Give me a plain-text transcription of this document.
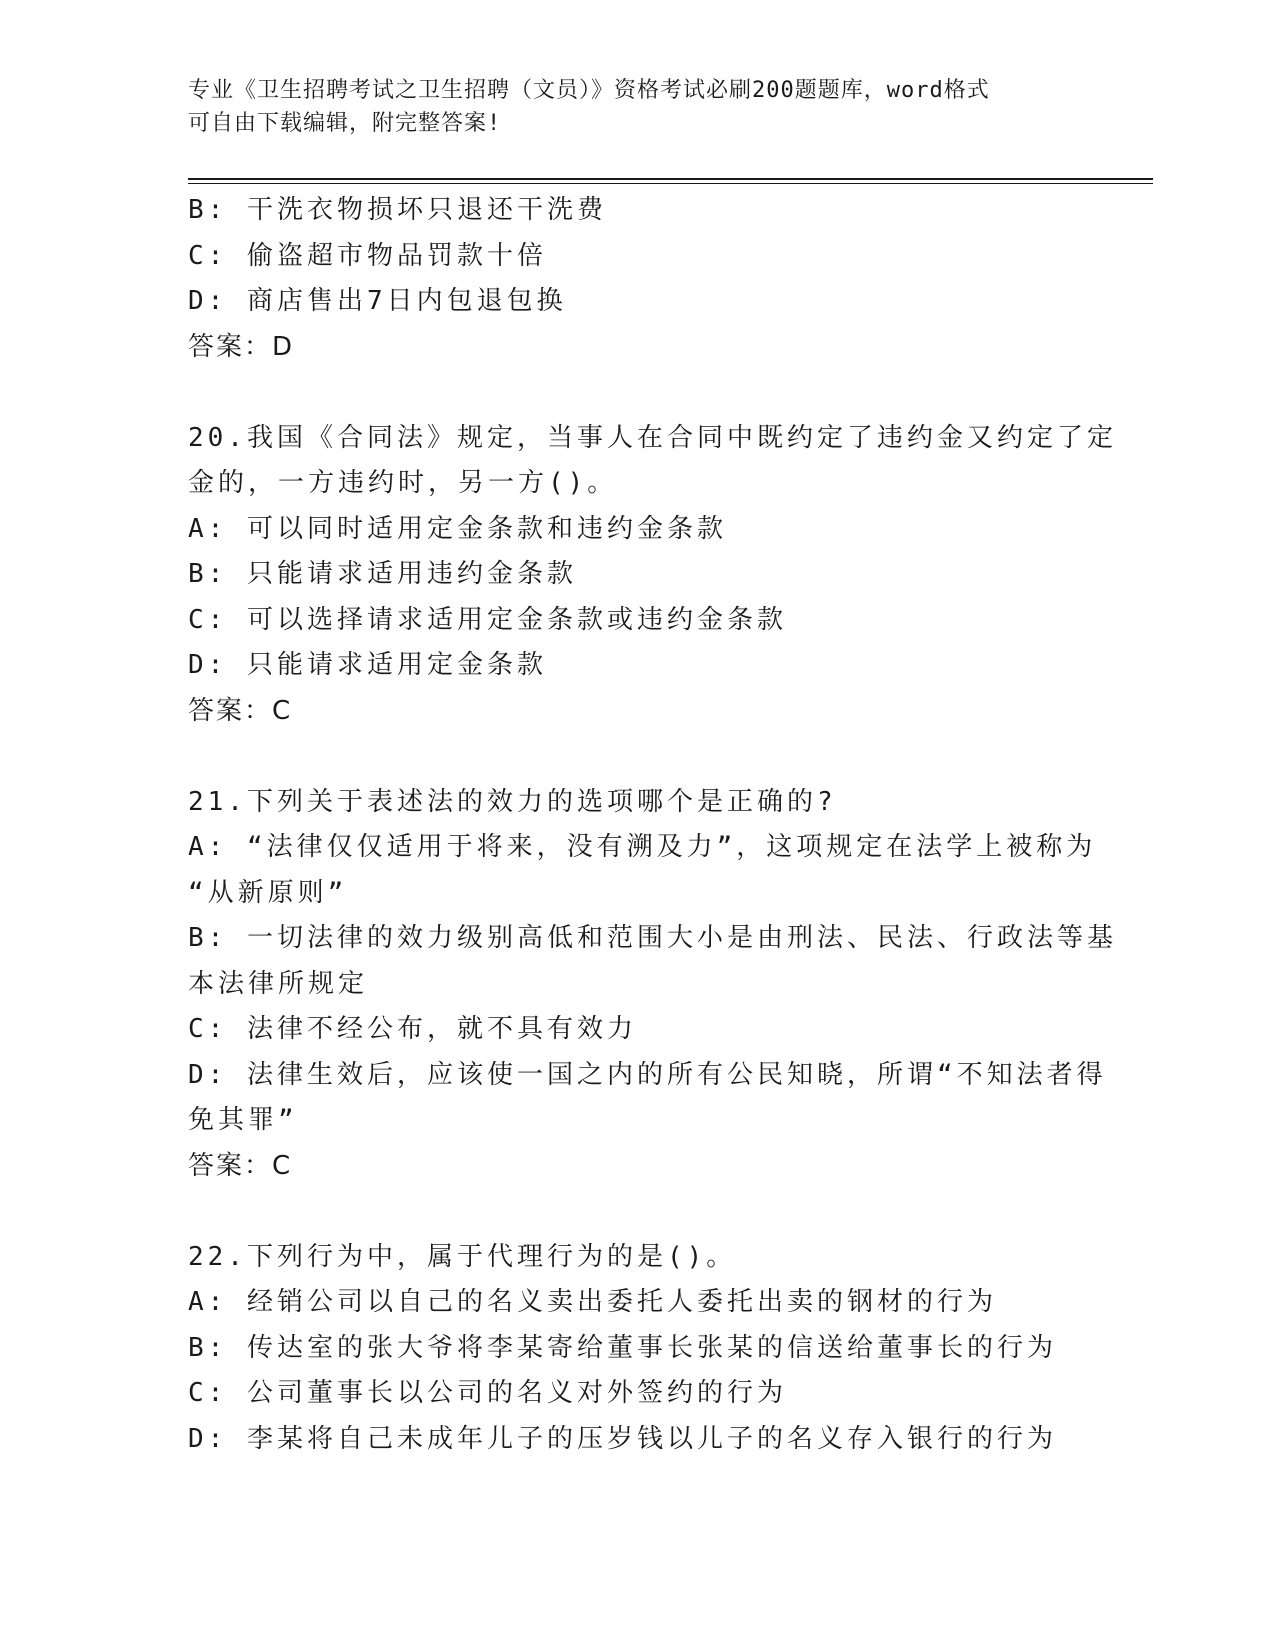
专业《卫生招聘考试之卫生招聘（文员）》资格考试必刷200题题库，word格式
可自由下载编辑，附完整答案!
B: 干洗衣物损坏只退还干洗费
C: 偷盗超市物品罚款十倍
D: 商店售出7日内包退包换
答案：D
20.我国《合同法》规定，当事人在合同中既约定了违约金又约定了定
金的，一方违约时，另一方()。
A: 可以同时适用定金条款和违约金条款
B: 只能请求适用违约金条款
C: 可以选择请求适用定金条款或违约金条款
D: 只能请求适用定金条款
答案：C
21.下列关于表述法的效力的选项哪个是正确的?
A: “法律仅仅适用于将来，没有溯及力”，这项规定在法学上被称为
“从新原则”
B: 一切法律的效力级别高低和范围大小是由刑法、民法、行政法等基
本法律所规定
C: 法律不经公布，就不具有效力
D: 法律生效后，应该使一国之内的所有公民知晓，所谓“不知法者得
免其罪”
答案：C
22.下列行为中，属于代理行为的是()。
A: 经销公司以自己的名义卖出委托人委托出卖的钢材的行为
B: 传达室的张大爷将李某寄给董事长张某的信送给董事长的行为
C: 公司董事长以公司的名义对外签约的行为
D: 李某将自己未成年儿子的压岁钱以儿子的名义存入银行的行为
